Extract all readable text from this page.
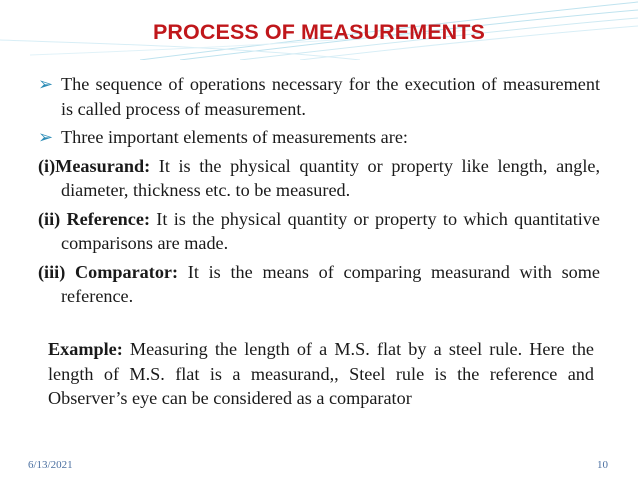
PROCESS OF MEASUREMENTS

➢ The sequence of operations necessary for the execution of measurement is called process of measurement.

➢ Three important elements of measurements are:

(i)Measurand: It is the physical quantity or property like length, angle, diameter, thickness etc. to be measured.

(ii) Reference: It is the physical quantity or property to which quantitative comparisons are made.

(iii) Comparator: It is the means of comparing measurand with some reference.

Example: Measuring the length of a M.S. flat by a steel rule. Here the length of M.S. flat is a measurand,, Steel rule is the reference and Observer’s eye can be considered as a comparator
6/13/2021	10
